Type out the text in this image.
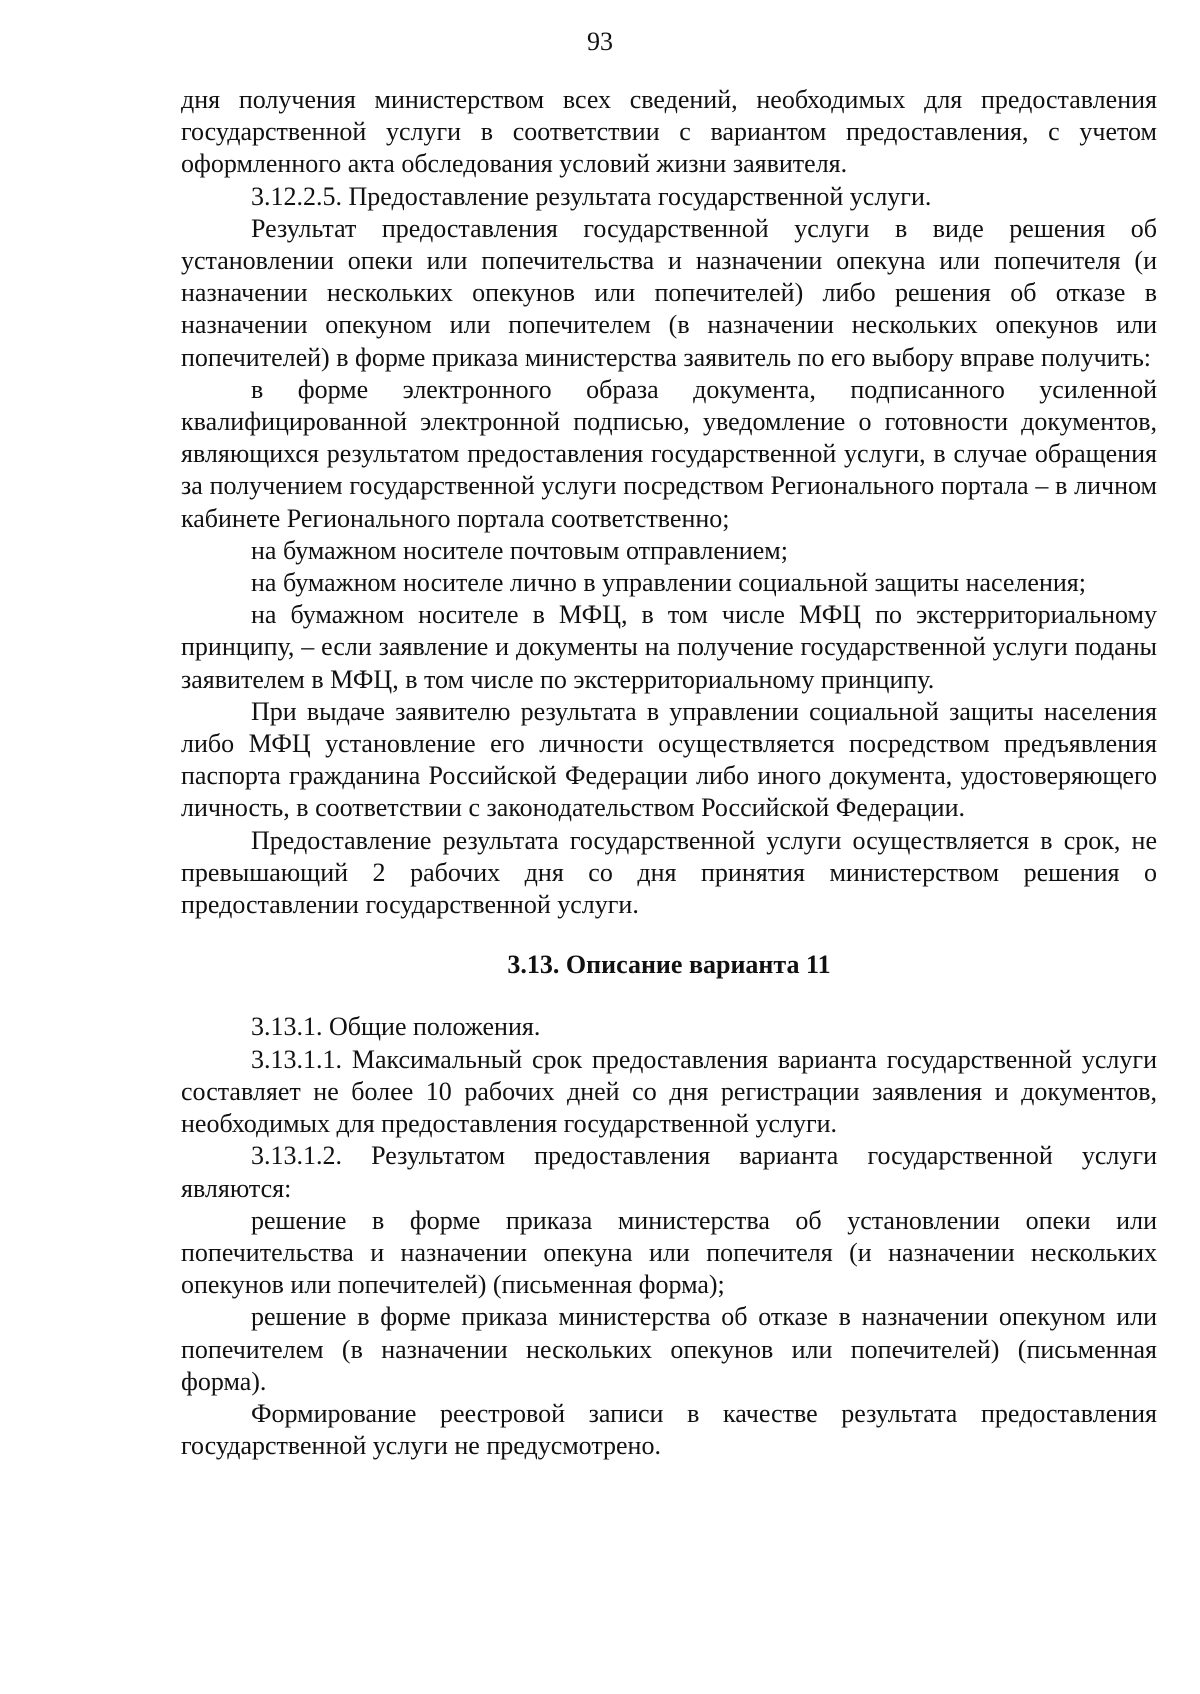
93

дня получения министерством всех сведений, необходимых для предоставления государственной услуги в соответствии с вариантом предоставления, с учетом оформленного акта обследования условий жизни заявителя.

3.12.2.5. Предоставление результата государственной услуги.

Результат предоставления государственной услуги в виде решения об установлении опеки или попечительства и назначении опекуна или попечителя (и назначении нескольких опекунов или попечителей) либо решения об отказе в назначении опекуном или попечителем (в назначении нескольких опекунов или попечителей) в форме приказа министерства заявитель по его выбору вправе получить:

в форме электронного образа документа, подписанного усиленной квалифицированной электронной подписью, уведомление о готовности документов, являющихся результатом предоставления государственной услуги, в случае обращения за получением государственной услуги посредством Регионального портала – в личном кабинете Регионального портала соответственно;

на бумажном носителе почтовым отправлением;

на бумажном носителе лично в управлении социальной защиты населения;

на бумажном носителе в МФЦ, в том числе МФЦ по экстерриториальному принципу, – если заявление и документы на получение государственной услуги поданы заявителем в МФЦ, в том числе по экстерриториальному принципу.

При выдаче заявителю результата в управлении социальной защиты населения либо МФЦ установление его личности осуществляется посредством предъявления паспорта гражданина Российской Федерации либо иного документа, удостоверяющего личность, в соответствии с законодательством Российской Федерации.

Предоставление результата государственной услуги осуществляется в срок, не превышающий 2 рабочих дня со дня принятия министерством решения о предоставлении государственной услуги.

3.13. Описание варианта 11

3.13.1. Общие положения.

3.13.1.1. Максимальный срок предоставления варианта государственной услуги составляет не более 10 рабочих дней со дня регистрации заявления и документов, необходимых для предоставления государственной услуги.

3.13.1.2. Результатом предоставления варианта государственной услуги являются:

решение в форме приказа министерства об установлении опеки или попечительства и назначении опекуна или попечителя (и назначении нескольких опекунов или попечителей) (письменная форма);

решение в форме приказа министерства об отказе в назначении опекуном или попечителем (в назначении нескольких опекунов или попечителей) (письменная форма).

Формирование реестровой записи в качестве результата предоставления государственной услуги не предусмотрено.
